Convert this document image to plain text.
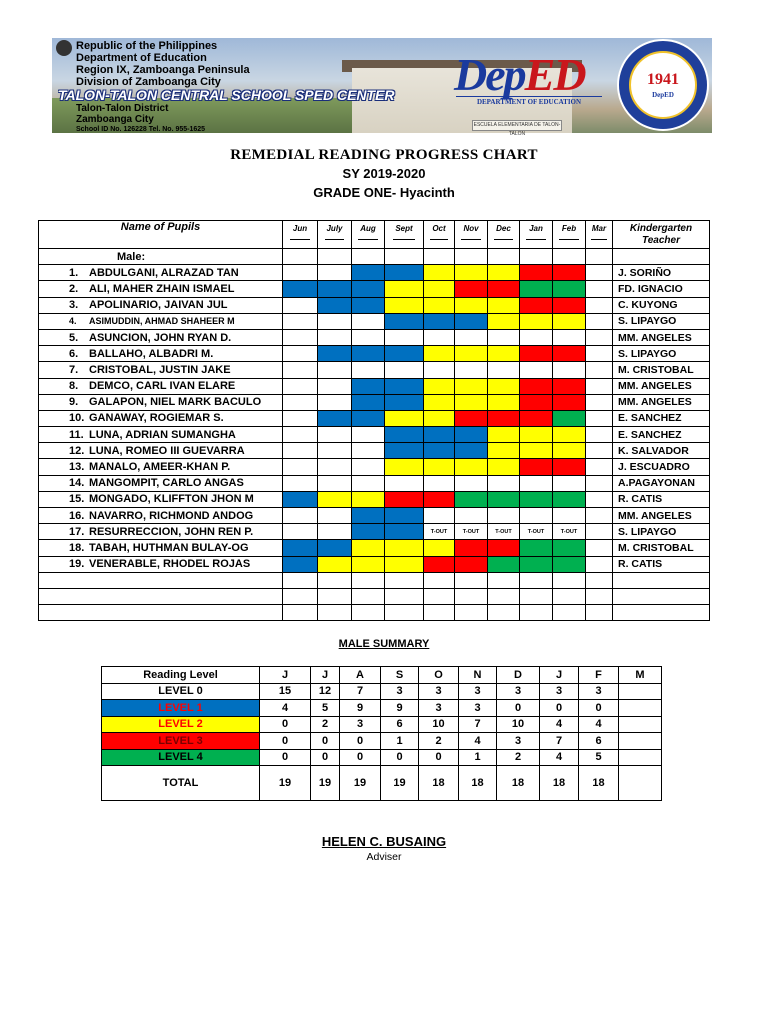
ESCUELA ELEMENTARIA DE TALON-TALON
Republic of the Philippines
Department of Education
Region IX, Zamboanga Peninsula
Division of Zamboanga City
TALON-TALON CENTRAL SCHOOL SPED CENTER
Talon-Talon District
Zamboanga City
School ID No. 126228 Tel. No. 955-1625
DepED
DEPARTMENT OF EDUCATION
1941
DepED
REMEDIAL READING PROGRESS CHART
SY 2019-2020
GRADE ONE- Hyacinth
Name of Pupils	Jun	July	Aug	Sept	Oct	Nov	Dec	Jan	Feb	Mar	Kindergarten Teacher
Male:											
1. ABDULGANI, ALRAZAD TAN											J. SORIÑO
2. ALI, MAHER ZHAIN ISMAEL											FD. IGNACIO
3. APOLINARIO, JAIVAN JUL											C. KUYONG
4. ASIMUDDIN, AHMAD SHAHEER M											S. LIPAYGO
5. ASUNCION, JOHN RYAN D.											MM. ANGELES
6. BALLAHO, ALBADRI M.											S. LIPAYGO
7. CRISTOBAL, JUSTIN JAKE											M. CRISTOBAL
8. DEMCO, CARL IVAN ELARE											MM. ANGELES
9. GALAPON, NIEL MARK BACULO											MM. ANGELES
10. GANAWAY, ROGIEMAR S.											E. SANCHEZ
11. LUNA, ADRIAN SUMANGHA											E. SANCHEZ
12. LUNA, ROMEO III GUEVARRA											K. SALVADOR
13. MANALO, AMEER-KHAN P.											J. ESCUADRO
14. MANGOMPIT, CARLO ANGAS											A.PAGAYONAN
15. MONGADO, KLIFFTON JHON M											R. CATIS
16. NAVARRO, RICHMOND ANDOG											MM. ANGELES
17. RESURRECCION, JOHN REN P.					T-OUT	T-OUT	T-OUT	T-OUT	T-OUT		S. LIPAYGO
18. TABAH, HUTHMAN BULAY-OG											M. CRISTOBAL
19. VENERABLE, RHODEL ROJAS											R. CATIS

MALE SUMMARY
Reading Level	J	J	A	S	O	N	D	J	F	M
LEVEL 0	15	12	7	3	3	3	3	3	3	
LEVEL 1	4	5	9	9	3	3	0	0	0	
LEVEL 2	0	2	3	6	10	7	10	4	4	
LEVEL 3	0	0	0	1	2	4	3	7	6	
LEVEL 4	0	0	0	0	0	1	2	4	5	
TOTAL	19	19	19	19	18	18	18	18	18	
HELEN C. BUSAING
Adviser
